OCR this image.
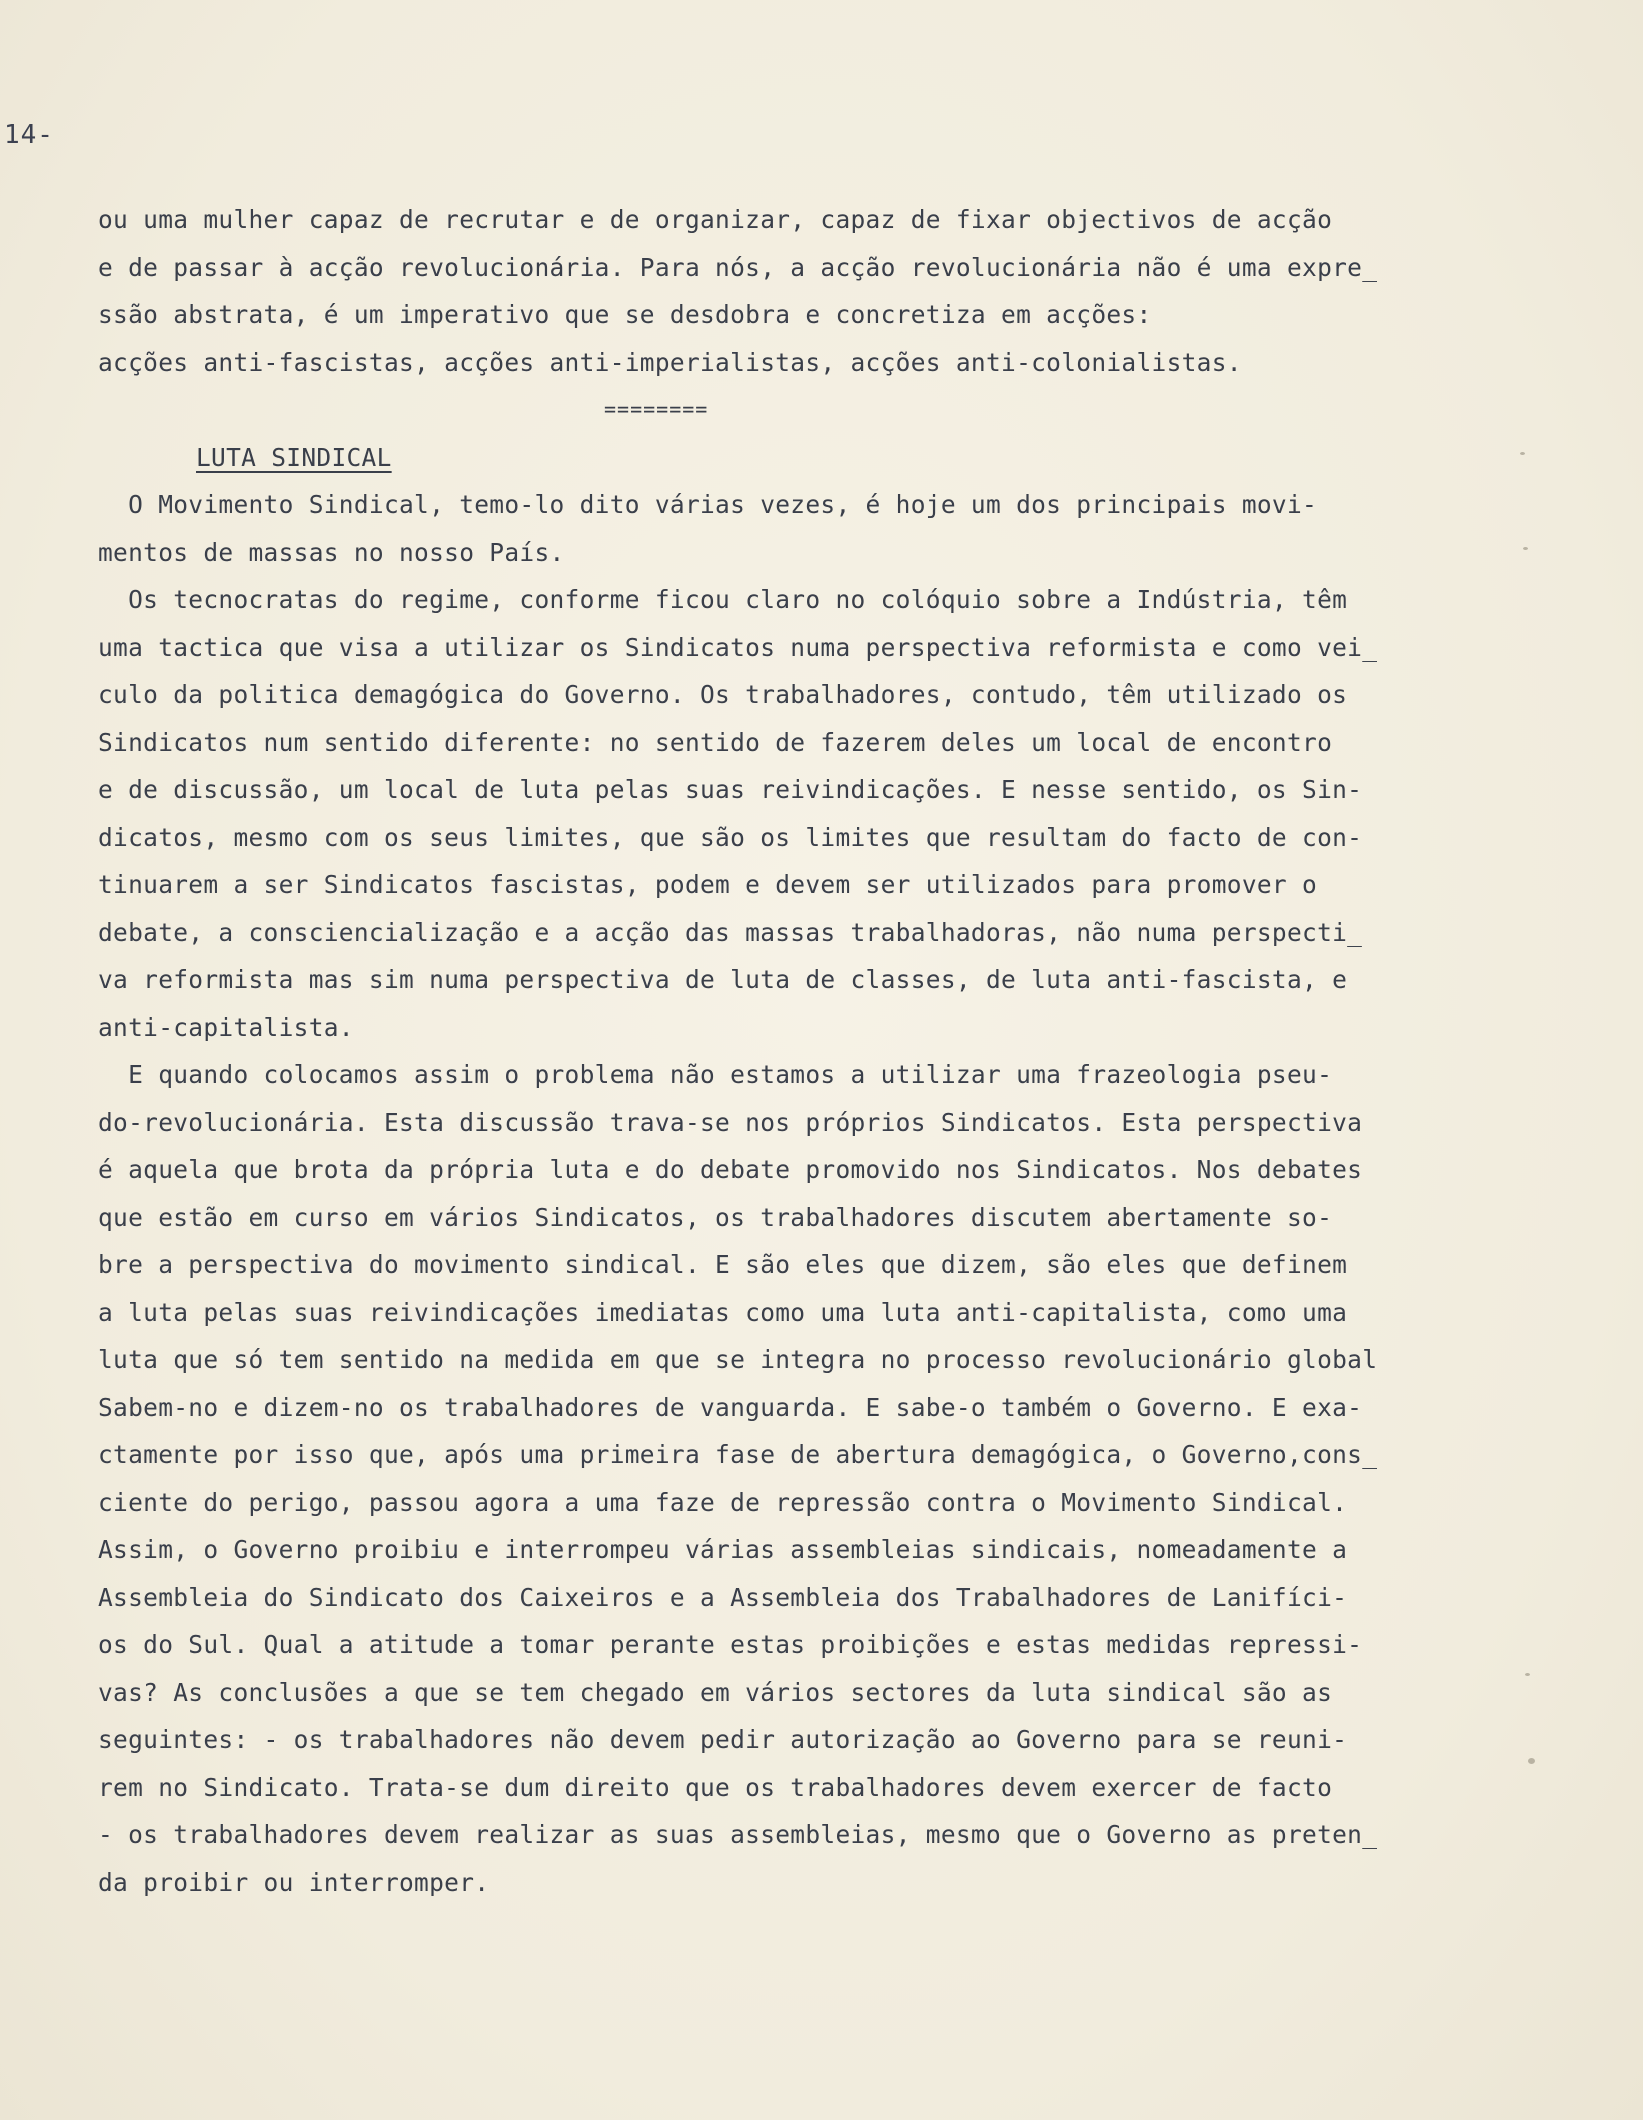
14-
ou uma mulher capaz de recrutar e de organizar, capaz de fixar objectivos de acção
e de passar à acção revolucionária. Para nós, a acção revolucionária não é uma expre_
ssão abstrata, é um imperativo que se desdobra e concretiza em acções:
acções anti-fascistas, acções anti-imperialistas, acções anti-colonialistas.
========
LUTA SINDICAL
O Movimento Sindical, temo-lo dito várias vezes, é hoje um dos principais movi-
mentos de massas no nosso País.
Os tecnocratas do regime, conforme ficou claro no colóquio sobre a Indústria, têm
uma tactica que visa a utilizar os Sindicatos numa perspectiva reformista e como vei_
culo da politica demagógica do Governo. Os trabalhadores, contudo, têm utilizado os
Sindicatos num sentido diferente: no sentido de fazerem deles um local de encontro
e de discussão, um local de luta pelas suas reivindicações. E nesse sentido, os Sin-
dicatos, mesmo com os seus limites, que são os limites que resultam do facto de con-
tinuarem a ser Sindicatos fascistas, podem e devem ser utilizados para promover o
debate, a consciencialização e a acção das massas trabalhadoras, não numa perspecti_
va reformista mas sim numa perspectiva de luta de classes, de luta anti-fascista, e
anti-capitalista.
E quando colocamos assim o problema não estamos a utilizar uma frazeologia pseu-
do-revolucionária. Esta discussão trava-se nos próprios Sindicatos. Esta perspectiva
é aquela que brota da própria luta e do debate promovido nos Sindicatos. Nos debates
que estão em curso em vários Sindicatos, os trabalhadores discutem abertamente so-
bre a perspectiva do movimento sindical. E são eles que dizem, são eles que definem
a luta pelas suas reivindicações imediatas como uma luta anti-capitalista, como uma
luta que só tem sentido na medida em que se integra no processo revolucionário global
Sabem-no e dizem-no os trabalhadores de vanguarda. E sabe-o também o Governo. E exa-
ctamente por isso que, após uma primeira fase de abertura demagógica, o Governo,cons_
ciente do perigo, passou agora a uma faze de repressão contra o Movimento Sindical.
Assim, o Governo proibiu e interrompeu várias assembleias sindicais, nomeadamente a
Assembleia do Sindicato dos Caixeiros e a Assembleia dos Trabalhadores de Lanifíci-
os do Sul. Qual a atitude a tomar perante estas proibições e estas medidas repressi-
vas? As conclusões a que se tem chegado em vários sectores da luta sindical são as
seguintes: - os trabalhadores não devem pedir autorização ao Governo para se reuni-
rem no Sindicato. Trata-se dum direito que os trabalhadores devem exercer de facto
- os trabalhadores devem realizar as suas assembleias, mesmo que o Governo as preten_
da proibir ou interromper.
